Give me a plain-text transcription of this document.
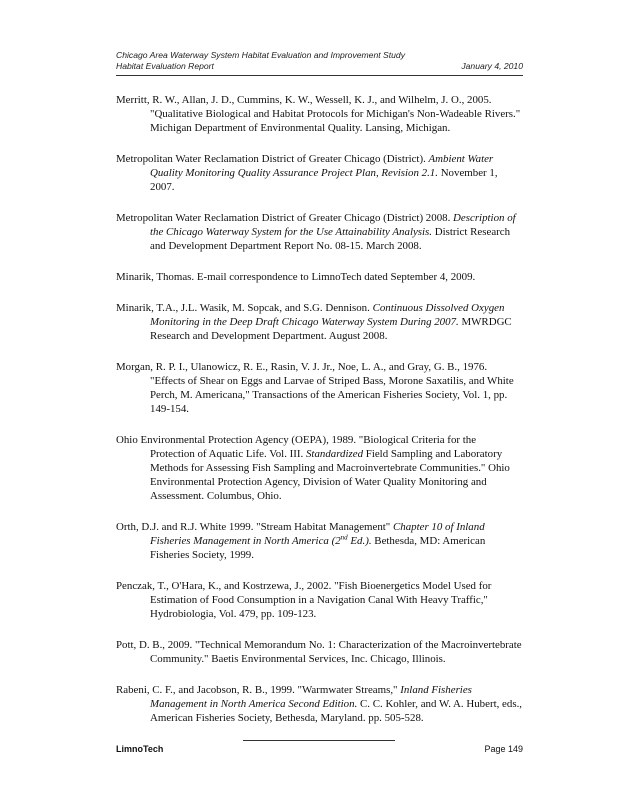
Chicago Area Waterway System Habitat Evaluation and Improvement Study
Habitat Evaluation Report	January 4, 2010

Merritt, R. W., Allan, J. D., Cummins, K. W., Wessell, K. J., and Wilhelm, J. O., 2005. "Qualitative Biological and Habitat Protocols for Michigan's Non-Wadeable Rivers." Michigan Department of Environmental Quality. Lansing, Michigan.

Metropolitan Water Reclamation District of Greater Chicago (District). Ambient Water Quality Monitoring Quality Assurance Project Plan, Revision 2.1. November 1, 2007.

Metropolitan Water Reclamation District of Greater Chicago (District) 2008. Description of the Chicago Waterway System for the Use Attainability Analysis. District Research and Development Department Report No. 08-15. March 2008.

Minarik, Thomas. E-mail correspondence to LimnoTech dated September 4, 2009.

Minarik, T.A., J.L. Wasik, M. Sopcak, and S.G. Dennison. Continuous Dissolved Oxygen Monitoring in the Deep Draft Chicago Waterway System During 2007. MWRDGC Research and Development Department. August 2008.

Morgan, R. P. I., Ulanowicz, R. E., Rasin, V. J. Jr., Noe, L. A., and Gray, G. B., 1976. "Effects of Shear on Eggs and Larvae of Striped Bass, Morone Saxatilis, and White Perch, M. Americana," Transactions of the American Fisheries Society, Vol. 1, pp. 149-154.

Ohio Environmental Protection Agency (OEPA), 1989. "Biological Criteria for the Protection of Aquatic Life. Vol. III. Standardized Field Sampling and Laboratory Methods for Assessing Fish Sampling and Macroinvertebrate Communities." Ohio Environmental Protection Agency, Division of Water Quality Monitoring and Assessment. Columbus, Ohio.

Orth, D.J. and R.J. White 1999. "Stream Habitat Management" Chapter 10 of Inland Fisheries Management in North America (2nd Ed.). Bethesda, MD: American Fisheries Society, 1999.

Penczak, T., O'Hara, K., and Kostrzewa, J., 2002. "Fish Bioenergetics Model Used for Estimation of Food Consumption in a Navigation Canal With Heavy Traffic," Hydrobiologia, Vol. 479, pp. 109-123.

Pott, D. B., 2009. "Technical Memorandum No. 1: Characterization of the Macroinvertebrate Community." Baetis Environmental Services, Inc. Chicago, Illinois.

Rabeni, C. F., and Jacobson, R. B., 1999. "Warmwater Streams," Inland Fisheries Management in North America Second Edition. C. C. Kohler, and W. A. Hubert, eds., American Fisheries Society, Bethesda, Maryland. pp. 505-528.

LimnoTech	Page 149
